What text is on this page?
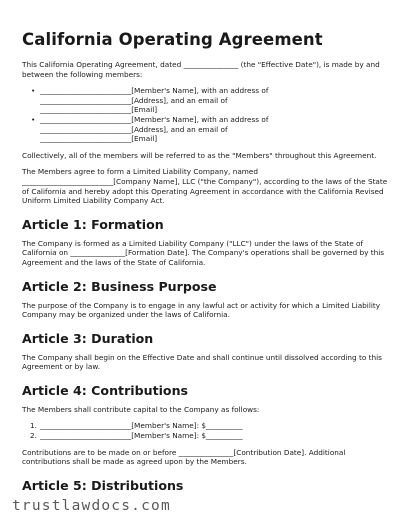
California Operating Agreement

This California Operating Agreement, dated _______________ (the "Effective Date"), is made by and between the following members:

• _________________________[Member's Name], with an address of
_________________________[Address], and an email of
_________________________[Email]
• _________________________[Member's Name], with an address of
_________________________[Address], and an email of
_________________________[Email]

Collectively, all of the members will be referred to as the "Members" throughout this Agreement.

The Members agree to form a Limited Liability Company, named _________________________[Company Name], LLC ("the Company"), according to the laws of the State of California and hereby adopt this Operating Agreement in accordance with the California Revised Uniform Limited Liability Company Act.

Article 1: Formation

The Company is formed as a Limited Liability Company ("LLC") under the laws of the State of California on _______________[Formation Date]. The Company's operations shall be governed by this Agreement and the laws of the State of California.

Article 2: Business Purpose

The purpose of the Company is to engage in any lawful act or activity for which a Limited Liability Company may be organized under the laws of California.

Article 3: Duration

The Company shall begin on the Effective Date and shall continue until dissolved according to this Agreement or by law.

Article 4: Contributions

The Members shall contribute capital to the Company as follows:

1. _________________________[Member's Name]: $__________
2. _________________________[Member's Name]: $__________

Contributions are to be made on or before _______________[Contribution Date]. Additional contributions shall be made as agreed upon by the Members.

Article 5: Distributions
trustlawdocs.com
